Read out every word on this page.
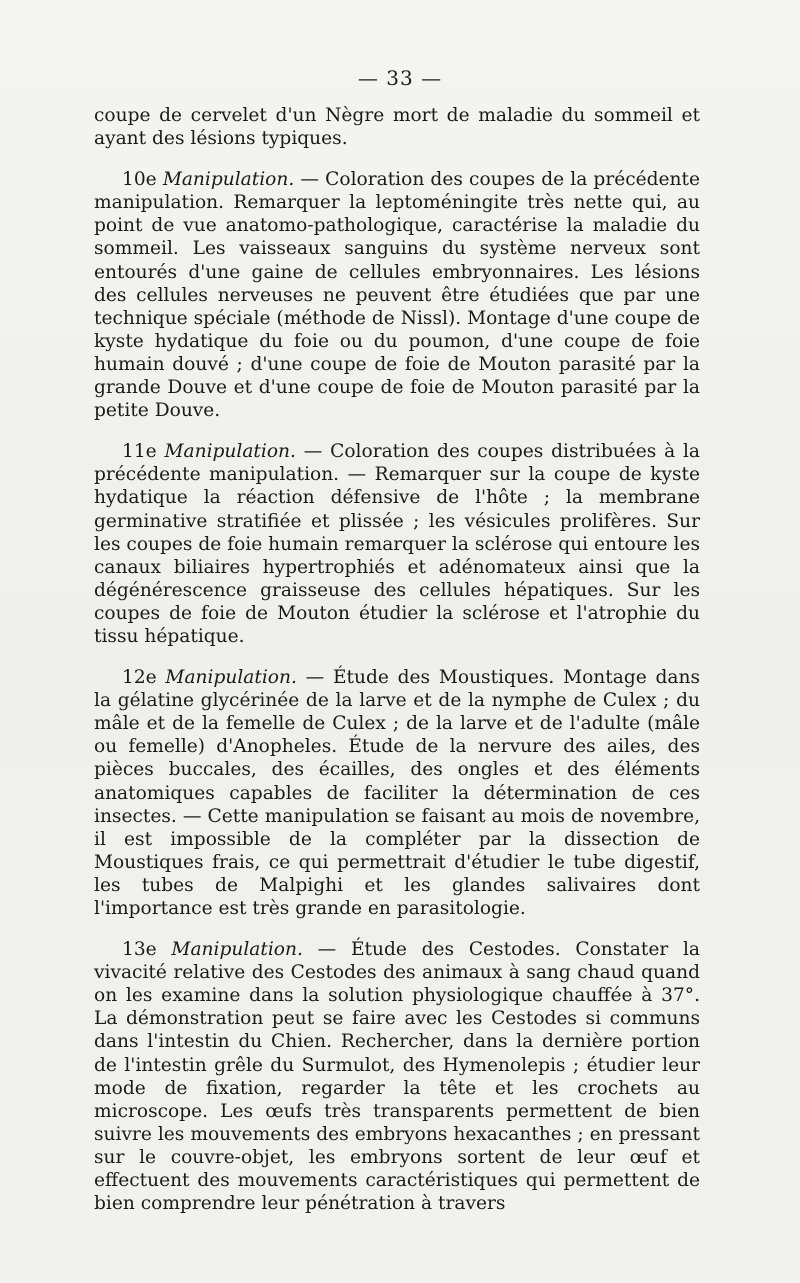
— 33 —

coupe de cervelet d'un Nègre mort de maladie du sommeil et ayant des lésions typiques.

10e Manipulation. — Coloration des coupes de la précédente manipulation. Remarquer la leptoméningite très nette qui, au point de vue anatomo-pathologique, caractérise la maladie du sommeil. Les vaisseaux sanguins du système nerveux sont entourés d'une gaine de cellules embryonnaires. Les lésions des cellules nerveuses ne peuvent être étudiées que par une technique spéciale (méthode de Nissl). Montage d'une coupe de kyste hydatique du foie ou du poumon, d'une coupe de foie humain douvé ; d'une coupe de foie de Mouton parasité par la grande Douve et d'une coupe de foie de Mouton parasité par la petite Douve.

11e Manipulation. — Coloration des coupes distribuées à la précédente manipulation. — Remarquer sur la coupe de kyste hydatique la réaction défensive de l'hôte ; la membrane germinative stratifiée et plissée ; les vésicules prolifères. Sur les coupes de foie humain remarquer la sclérose qui entoure les canaux biliaires hypertrophiés et adénomateux ainsi que la dégénérescence graisseuse des cellules hépatiques. Sur les coupes de foie de Mouton étudier la sclérose et l'atrophie du tissu hépatique.

12e Manipulation. — Étude des Moustiques. Montage dans la gélatine glycérinée de la larve et de la nymphe de Culex ; du mâle et de la femelle de Culex ; de la larve et de l'adulte (mâle ou femelle) d'Anopheles. Étude de la nervure des ailes, des pièces buccales, des écailles, des ongles et des éléments anatomiques capables de faciliter la détermination de ces insectes. — Cette manipulation se faisant au mois de novembre, il est impossible de la compléter par la dissection de Moustiques frais, ce qui permettrait d'étudier le tube digestif, les tubes de Malpighi et les glandes salivaires dont l'importance est très grande en parasitologie.

13e Manipulation. — Étude des Cestodes. Constater la vivacité relative des Cestodes des animaux à sang chaud quand on les examine dans la solution physiologique chauffée à 37°. La démonstration peut se faire avec les Cestodes si communs dans l'intestin du Chien. Rechercher, dans la dernière portion de l'intestin grêle du Surmulot, des Hymenolepis ; étudier leur mode de fixation, regarder la tête et les crochets au microscope. Les œufs très transparents permettent de bien suivre les mouvements des embryons hexacanthes ; en pressant sur le couvre-objet, les embryons sortent de leur œuf et effectuent des mouvements caractéristiques qui permettent de bien comprendre leur pénétration à travers
